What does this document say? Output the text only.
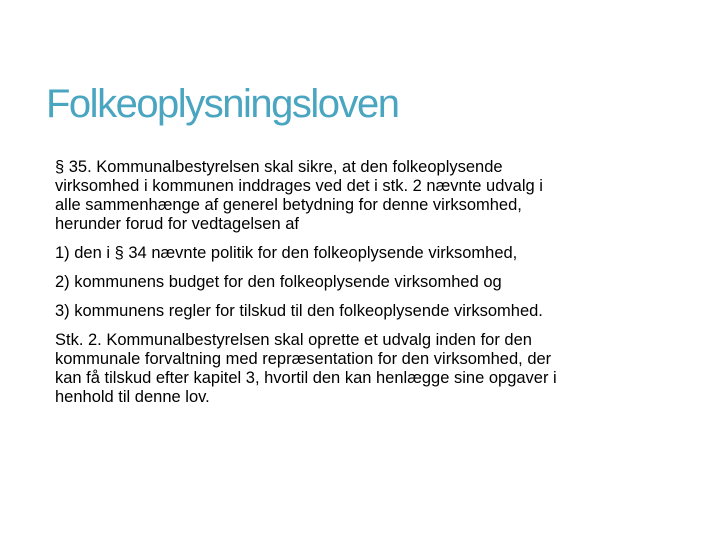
Folkeoplysningsloven

§ 35. Kommunalbestyrelsen skal sikre, at den folkeoplysende
virksomhed i kommunen inddrages ved det i stk. 2 nævnte udvalg i
alle sammenhænge af generel betydning for denne virksomhed,
herunder forud for vedtagelsen af

1) den i § 34 nævnte politik for den folkeoplysende virksomhed,

2) kommunens budget for den folkeoplysende virksomhed og

3) kommunens regler for tilskud til den folkeoplysende virksomhed.

Stk. 2. Kommunalbestyrelsen skal oprette et udvalg inden for den
kommunale forvaltning med repræsentation for den virksomhed, der
kan få tilskud efter kapitel 3, hvortil den kan henlægge sine opgaver i
henhold til denne lov.
